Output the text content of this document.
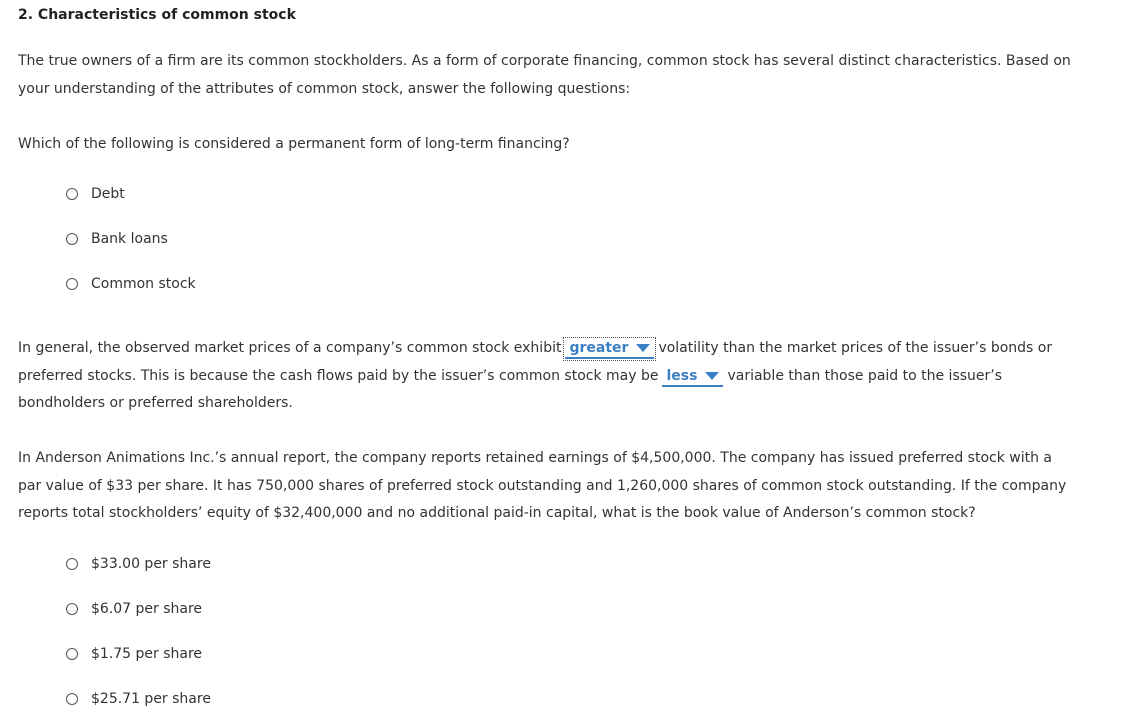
2. Characteristics of common stock
The true owners of a firm are its common stockholders. As a form of corporate financing, common stock has several distinct characteristics. Based on
your understanding of the attributes of common stock, answer the following questions:
Which of the following is considered a permanent form of long-term financing?
Debt
Bank loans
Common stock
In general, the observed market prices of a company’s common stock exhibit greater volatility than the market prices of the issuer’s bonds or
preferred stocks. This is because the cash flows paid by the issuer’s common stock may be less variable than those paid to the issuer’s
bondholders or preferred shareholders.
In Anderson Animations Inc.’s annual report, the company reports retained earnings of $4,500,000. The company has issued preferred stock with a
par value of $33 per share. It has 750,000 shares of preferred stock outstanding and 1,260,000 shares of common stock outstanding. If the company
reports total stockholders’ equity of $32,400,000 and no additional paid-in capital, what is the book value of Anderson’s common stock?
$33.00 per share
$6.07 per share
$1.75 per share
$25.71 per share
